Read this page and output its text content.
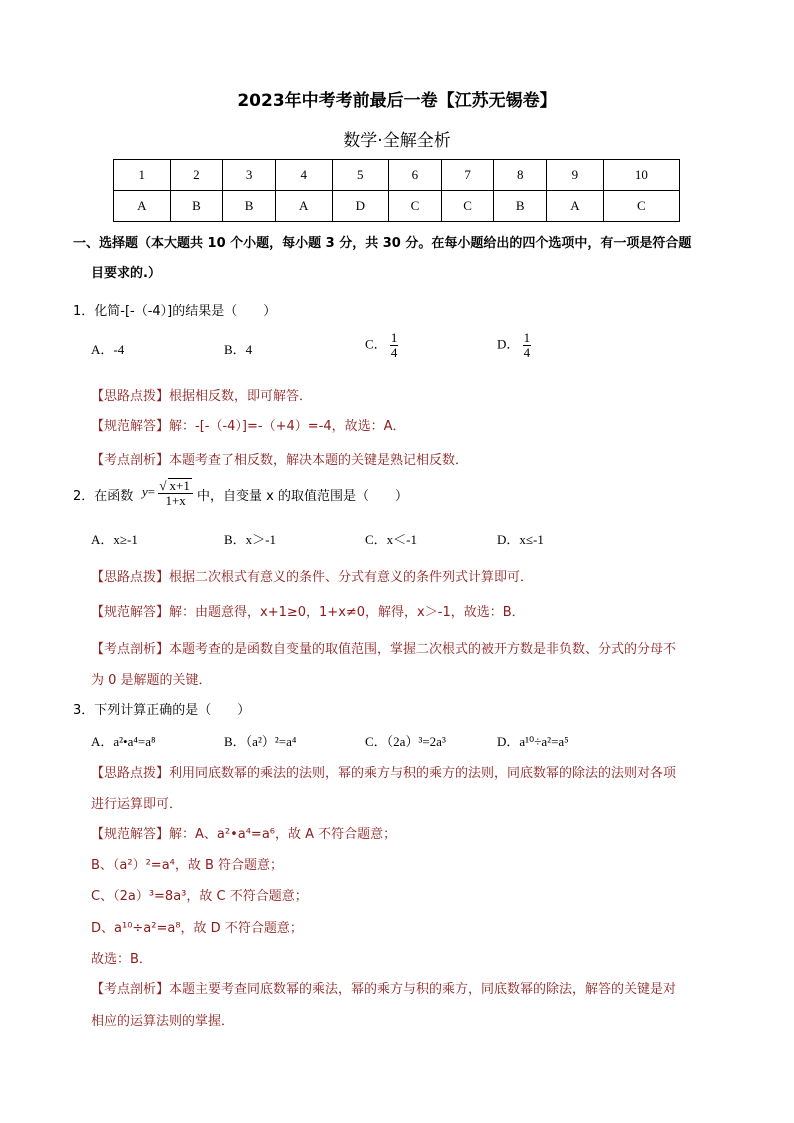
2023年中考考前最后一卷【江苏无锡卷】
数学·全解全析
1	2	3	4	5	6	7	8	9	10
A	B	B	A	D	C	C	B	A	C
一、选择题（本大题共 10 个小题，每小题 3 分，共 30 分。在每小题给出的四个选项中，有一项是符合题
目要求的.）
1．化简-[-（-4）]的结果是（　　）
A．-4	B．4	C． $\frac{1}{4}$	D． $\frac{1}{4}$
【思路点拨】根据相反数，即可解答．
【规范解答】解：-[-（-4）]=-（+4）=-4，故选：A．
【考点剖析】本题考查了相反数，解决本题的关键是熟记相反数．
2．在函数 $y= \frac{√ x+1}{1+x}$ 中，自变量 x 的取值范围是（　　）
A．x≥-1	B．x＞-1	C．x＜-1	D．x≤-1
【思路点拨】根据二次根式有意义的条件、分式有意义的条件列式计算即可．
【规范解答】解：由题意得，x+1≥0，1+x≠0，解得，x＞-1，故选：B．
【考点剖析】本题考查的是函数自变量的取值范围，掌握二次根式的被开方数是非负数、分式的分母不
为 0 是解题的关键．
3．下列计算正确的是（　　）
A．a²•a⁴=a⁸	B．（a²）²=a⁴	C．（2a）³=2a³	D．a¹⁰÷a²=a⁵
【思路点拨】利用同底数幂的乘法的法则，幂的乘方与积的乘方的法则，同底数幂的除法的法则对各项
进行运算即可．
【规范解答】解：A、a²•a⁴=a⁶，故 A 不符合题意；
B、（a²）²=a⁴，故 B 符合题意；
C、（2a）³=8a³，故 C 不符合题意；
D、a¹⁰÷a²=a⁸，故 D 不符合题意；
故选：B．
【考点剖析】本题主要考查同底数幂的乘法，幂的乘方与积的乘方，同底数幂的除法，解答的关键是对
相应的运算法则的掌握．
